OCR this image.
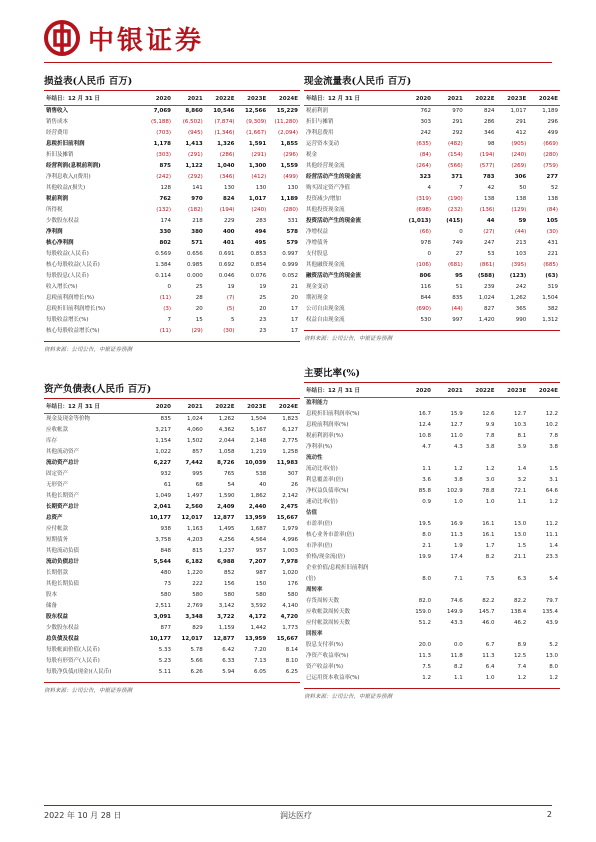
中银证券
损益表(人民币 百万)
年结日：12 月 31 日	2020	2021	2022E	2023E	2024E
销售收入	7,069	8,860	10,546	12,566	15,229
销售成本	(5,188)	(6,502)	(7,874)	(9,309)	(11,280)
经营费用	(703)	(945)	(1,346)	(1,667)	(2,094)
息税折旧前利润	1,178	1,413	1,326	1,591	1,855
折旧及摊销	(303)	(291)	(286)	(291)	(296)
经营利润(息税前利润)	875	1,122	1,040	1,300	1,559
净利息收入/(费用)	(242)	(292)	(346)	(412)	(499)
其他收益/(损失)	128	141	130	130	130
税前利润	762	970	824	1,017	1,189
所得税	(132)	(182)	(194)	(240)	(280)
少数股东权益	174	218	229	283	331
净利润	330	380	400	494	578
核心净利润	802	571	401	495	579
每股收益(人民币)	0.569	0.656	0.691	0.853	0.997
核心每股收益(人民币)	1.384	0.985	0.692	0.854	0.999
每股股息(人民币)	0.114	0.000	0.046	0.076	0.052
收入增长(%)	0	25	19	19	21
息税前利润增长(%)	(11)	28	(7)	25	20
息税折旧前利润增长(%)	(3)	20	(5)	20	17
每股收益增长(%)	7	15	5	23	17
核心每股收益增长(%)	(11)	(29)	(30)	23	17
资料来源：公司公告，中银证券预测
现金流量表(人民币 百万)
年结日：12 月 31 日	2020	2021	2022E	2023E	2024E
税前利润	762	970	824	1,017	1,189
折旧与摊销	303	291	286	291	296
净利息费用	242	292	346	412	499
运营资本变动	(635)	(482)	98	(905)	(669)
税金	(84)	(154)	(194)	(240)	(280)
其他经营现金流	(264)	(566)	(577)	(269)	(759)
经营活动产生的现金流	323	371	783	306	277
购买固定资产净值	4	7	42	50	52
投资减少/增加	(319)	(190)	138	138	138
其他投资现金流	(698)	(232)	(136)	(129)	(84)
投资活动产生的现金流	(1,013)	(415)	44	59	105
净增权益	(66)	0	(27)	(44)	(30)
净增债务	978	749	247	213	431
支付股息	0	27	53	103	221
其他融资现金流	(106)	(681)	(861)	(395)	(685)
融资活动产生的现金流	806	95	(588)	(123)	(63)
现金变动	116	51	239	242	319
期初现金	844	835	1,024	1,262	1,504
公司自由现金流	(690)	(44)	827	365	382
权益自由现金流	530	997	1,420	990	1,312
资料来源：公司公告，中银证券预测
资产负债表(人民币 百万)
年结日：12 月 31 日	2020	2021	2022E	2023E	2024E
现金及现金等价物	835	1,024	1,262	1,504	1,823
应收帐款	3,217	4,060	4,362	5,167	6,127
库存	1,154	1,502	2,044	2,148	2,775
其他流动资产	1,022	857	1,058	1,219	1,258
流动资产总计	6,227	7,442	8,726	10,039	11,983
固定资产	932	995	765	538	307
无形资产	61	68	54	40	26
其他长期资产	1,049	1,497	1,590	1,862	2,142
长期资产总计	2,041	2,560	2,409	2,440	2,475
总资产	10,177	12,017	12,877	13,959	15,667
应付帐款	938	1,163	1,495	1,687	1,979
短期债务	3,758	4,203	4,256	4,564	4,996
其他流动负债	848	815	1,237	957	1,003
流动负债总计	5,544	6,182	6,988	7,207	7,978
长期借款	480	1,220	852	987	1,020
其他长期负债	73	222	156	150	176
股本	580	580	580	580	580
储备	2,511	2,769	3,142	3,592	4,140
股东权益	3,091	3,348	3,722	4,172	4,720
少数股东权益	877	829	1,159	1,442	1,773
总负债及权益	10,177	12,017	12,877	13,959	15,667
每股帐面价值(人民币)	5.33	5.78	6.42	7.20	8.14
每股有形资产(人民币)	5.23	5.66	6.33	7.13	8.10
每股净负债/(现金)(人民币)	5.11	6.26	5.94	6.05	6.25
资料来源：公司公告，中银证券预测
主要比率(%)
年结日：12 月 31 日	2020	2021	2022E	2023E	2024E
盈利能力					
息税折旧前利润率(%)	16.7	15.9	12.6	12.7	12.2
息税前利润率(%)	12.4	12.7	9.9	10.3	10.2
税前利润率(%)	10.8	11.0	7.8	8.1	7.8
净利率(%)	4.7	4.3	3.8	3.9	3.8
流动性					
流动比率(倍)	1.1	1.2	1.2	1.4	1.5
利息覆盖率(倍)	3.6	3.8	3.0	3.2	3.1
净权益负债率(%)	85.8	102.9	78.8	72.1	64.6
速动比率(倍)	0.9	1.0	1.0	1.1	1.2
估值					
市盈率(倍)	19.5	16.9	16.1	13.0	11.2
核心业务市盈率(倍)	8.0	11.3	16.1	13.0	11.1
市净率(倍)	2.1	1.9	1.7	1.5	1.4
价格/现金流(倍)	19.9	17.4	8.2	21.1	23.3
企业价值/息税折旧前利润					
(倍)	8.0	7.1	7.5	6.3	5.4
周转率					
存货周转天数	82.0	74.6	82.2	82.2	79.7
应收帐款周转天数	159.0	149.9	145.7	138.4	135.4
应付帐款周转天数	51.2	43.3	46.0	46.2	43.9
回报率					
股息支付率(%)	20.0	0.0	6.7	8.9	5.2
净资产收益率(%)	11.3	11.8	11.3	12.5	13.0
资产收益率(%)	7.5	8.2	6.4	7.4	8.0
已运用资本收益率(%)	1.2	1.1	1.0	1.2	1.2
资料来源：公司公告，中银证券预测
2022 年 10 月 28 日	润达医疗	2
